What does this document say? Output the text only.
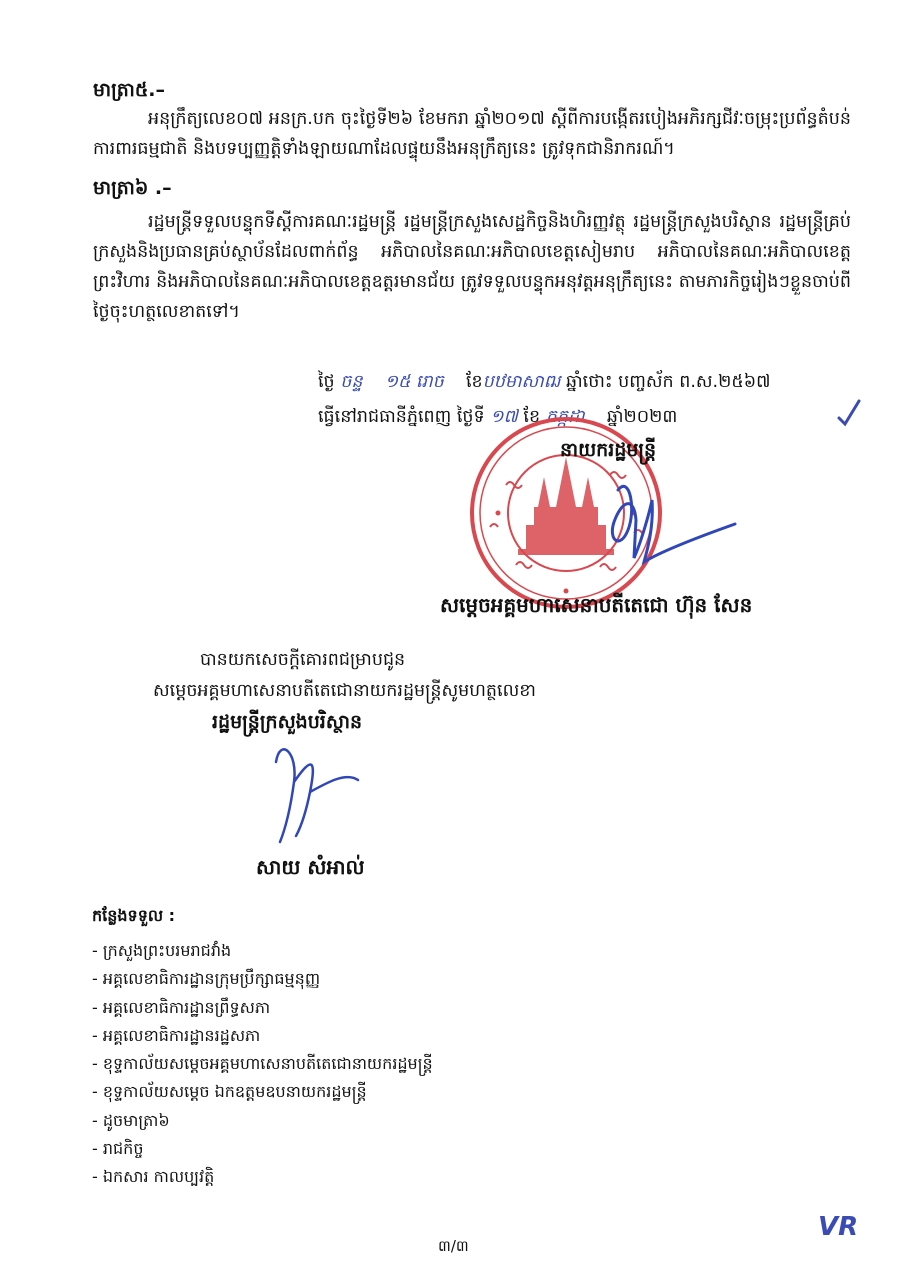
មាត្រា៥.–
អនុក្រឹត្យលេខ០៧ អនក្រ.បក ចុះថ្ងៃទី២៦ ខែមករា ឆ្នាំ២០១៧ ស្តីពីការបង្កើតរបៀងអភិរក្សជីវៈចម្រុះប្រព័ន្ធតំបន់ការពារធម្មជាតិ និងបទប្បញ្ញត្តិទាំងឡាយណាដែលផ្ទុយនឹងអនុក្រឹត្យនេះ ត្រូវទុកជានិរាករណ៍។
មាត្រា៦ .–
រដ្ឋមន្ត្រីទទួលបន្ទុកទីស្តីការគណៈរដ្ឋមន្ត្រី រដ្ឋមន្ត្រីក្រសួងសេដ្ឋកិច្ចនិងហិរញ្ញវត្ថុ រដ្ឋមន្ត្រីក្រសួងបរិស្ថាន រដ្ឋមន្ត្រីគ្រប់ក្រសួងនិងប្រធានគ្រប់ស្ថាប័នដែលពាក់ព័ន្ធ អភិបាលនៃគណៈអភិបាលខេត្តសៀមរាប អភិបាលនៃគណៈអភិបាលខេត្តព្រះវិហារ និងអភិបាលនៃគណៈអភិបាលខេត្តឧត្តរមានជ័យ ត្រូវទទួលបន្ទុកអនុវត្តអនុក្រឹត្យនេះ តាមភារកិច្ចរៀងៗខ្លួនចាប់ពីថ្ងៃចុះហត្ថលេខាតទៅ។
ថ្ងៃ ចន្ទ ១៥ រោច ខែបឋមាសាឍ ឆ្នាំថោះ បញ្ចស័ក ព.ស.២៥៦៧
ធ្វើនៅរាជធានីភ្នំពេញ ថ្ងៃទី ១៧ ខែ កក្កដា ឆ្នាំ២០២៣
នាយករដ្ឋមន្ត្រី
សម្តេចអគ្គមហាសេនាបតីតេជោ ហ៊ុន សែន
បានយកសេចក្តីគោរពជម្រាបជូន
សម្តេចអគ្គមហាសេនាបតីតេជោនាយករដ្ឋមន្ត្រីសូមហត្ថលេខា
រដ្ឋមន្ត្រីក្រសួងបរិស្ថាន
សាយ សំអាល់
កន្លែងទទួល :
- ក្រសួងព្រះបរមរាជវាំង
- អគ្គលេខាធិការដ្ឋានក្រុមប្រឹក្សាធម្មនុញ្ញ
- អគ្គលេខាធិការដ្ឋានព្រឹទ្ធសភា
- អគ្គលេខាធិការដ្ឋានរដ្ឋសភា
- ខុទ្ទកាល័យសម្តេចអគ្គមហាសេនាបតីតេជោនាយករដ្ឋមន្ត្រី
- ខុទ្ទកាល័យសម្តេច ឯកឧត្តមឧបនាយករដ្ឋមន្ត្រី
- ដូចមាត្រា៦
- រាជកិច្ច
- ឯកសារ កាលប្បវត្តិ
VR
៣/៣
